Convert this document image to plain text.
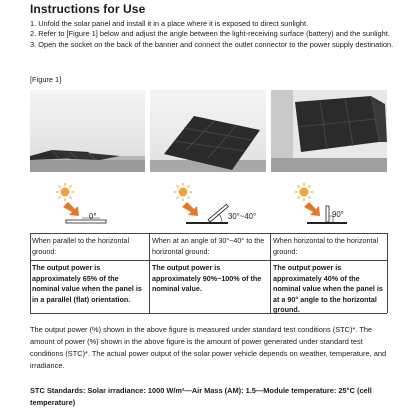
Instructions for Use
1. Unfold the solar panel and install it in a place where it is exposed to direct sunlight.
2. Refer to [Figure 1] below and adjust the angle between the light-receiving surface (battery) and the sunlight.
3. Open the socket on the back of the banner and connect the outlet connector to the power supply destination.
[Figure 1]
0°	30°~40°	90°
When parallel to the horizontal ground:
When at an angle of 30°~40° to the horizontal ground:
When horizontal to the horizontal ground:
The output power is approximately 65% of the nominal value when the panel is in a parallel (flat) orientation.
The output power is approximately 90%~100% of the nominal value.
The output power is approximately 40% of the nominal value when the panel is at a 90° angle to the horizontal ground.
The output power (%) shown in the above figure is measured under standard test conditions (STC)*. The amount of power (%) shown in the above figure is the amount of power generated under standard test conditions (STC)*. The actual power output of the solar power vehicle depends on weather, temperature, and irradiance.
STC Standards: Solar irradiance: 1000 W/m²—Air Mass (AM): 1.5—Module temperature: 25°C (cell temperature)
